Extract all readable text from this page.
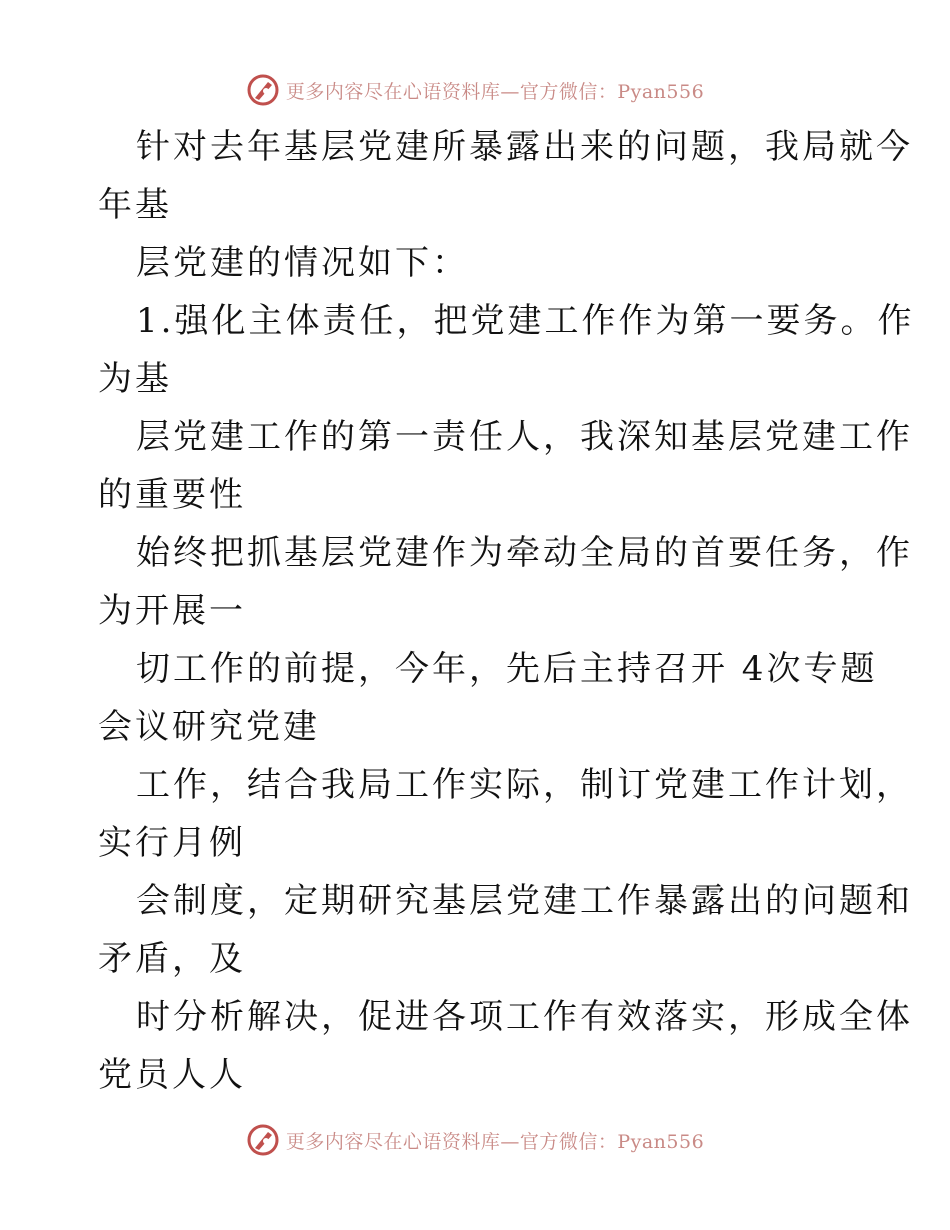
更多内容尽在心语资料库—官方微信：Pyan556
针对去年基层党建所暴露出来的问题，我局就今
年基
层党建的情况如下：
1.强化主体责任，把党建工作作为第一要务。作
为基
层党建工作的第一责任人，我深知基层党建工作
的重要性
始终把抓基层党建作为牵动全局的首要任务，作
为开展一
切工作的前提，今年，先后主持召开 4次专题
会议研究党建
工作，结合我局工作实际，制订党建工作计划，
实行月例
会制度，定期研究基层党建工作暴露出的问题和
矛盾，及
时分析解决，促进各项工作有效落实，形成全体
党员人人
更多内容尽在心语资料库—官方微信：Pyan556
